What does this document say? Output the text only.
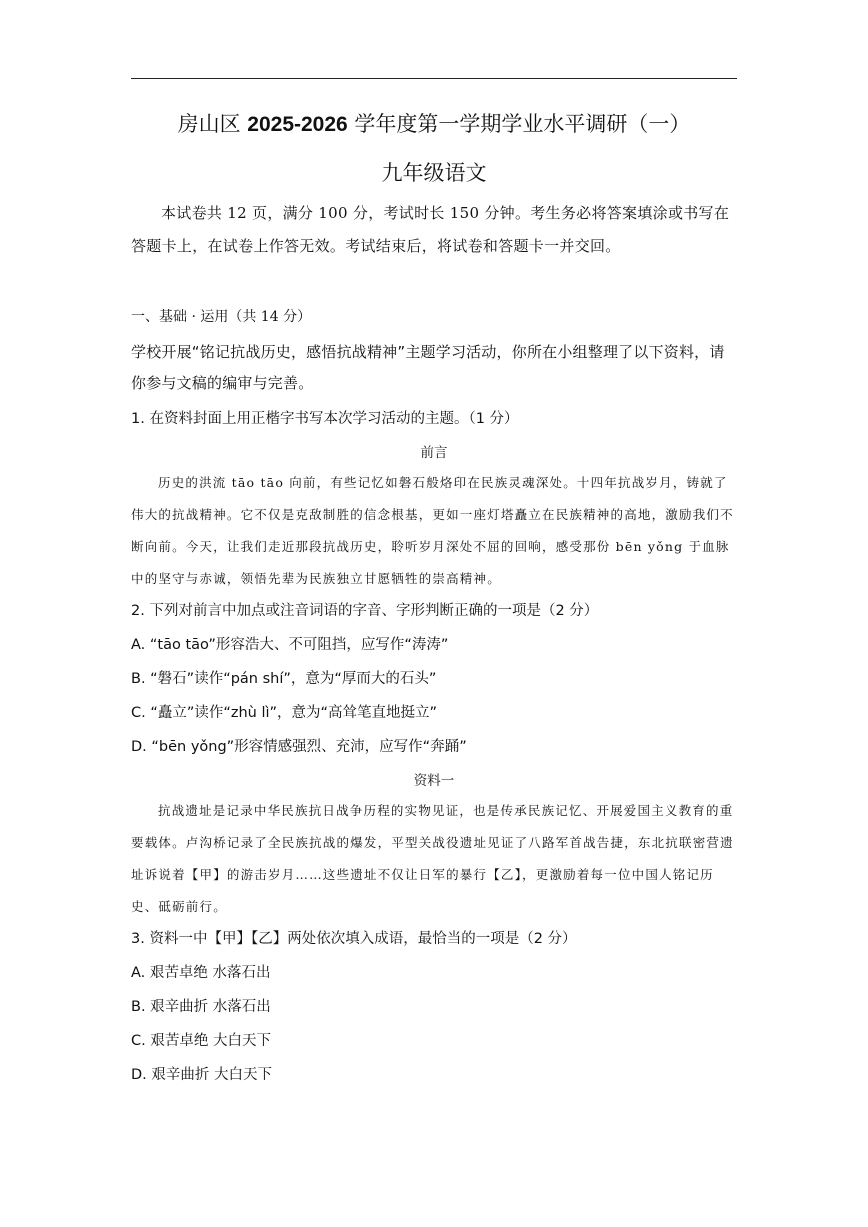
房山区 2025-2026 学年度第一学期学业水平调研（一）
九年级语文

本试卷共 12 页，满分 100 分，考试时长 150 分钟。考生务必将答案填涂或书写在答题卡上，在试卷上作答无效。考试结束后，将试卷和答题卡一并交回。

一、基础 · 运用（共 14 分）

学校开展“铭记抗战历史，感悟抗战精神”主题学习活动，你所在小组整理了以下资料，请你参与文稿的编审与完善。

1. 在资料封面上用正楷字书写本次学习活动的主题。（1 分）

前言

历史的洪流 tāo tāo 向前，有些记忆如磐石般烙印在民族灵魂深处。十四年抗战岁月，铸就了伟大的抗战精神。它不仅是克敌制胜的信念根基，更如一座灯塔矗立在民族精神的高地，激励我们不断向前。今天，让我们走近那段抗战历史，聆听岁月深处不屈的回响，感受那份 bēn yǒng 于血脉中的坚守与赤诚，领悟先辈为民族独立甘愿牺牲的崇高精神。

2. 下列对前言中加点或注音词语的字音、字形判断正确的一项是（2 分）

A. “tāo tāo”形容浩大、不可阻挡，应写作“涛涛”
B. “磐石”读作“pán shí”，意为“厚而大的石头”
C. “矗立”读作“zhù lì”，意为“高耸笔直地挺立”
D. “bēn yǒng”形容情感强烈、充沛，应写作“奔踊”

资料一

抗战遗址是记录中华民族抗日战争历程的实物见证，也是传承民族记忆、开展爱国主义教育的重要载体。卢沟桥记录了全民族抗战的爆发，平型关战役遗址见证了八路军首战告捷，东北抗联密营遗址诉说着【甲】的游击岁月……这些遗址不仅让日军的暴行【乙】，更激励着每一位中国人铭记历史、砥砺前行。

3. 资料一中【甲】【乙】两处依次填入成语，最恰当的一项是（2 分）

A. 艰苦卓绝 水落石出
B. 艰辛曲折 水落石出
C. 艰苦卓绝 大白天下
D. 艰辛曲折 大白天下
